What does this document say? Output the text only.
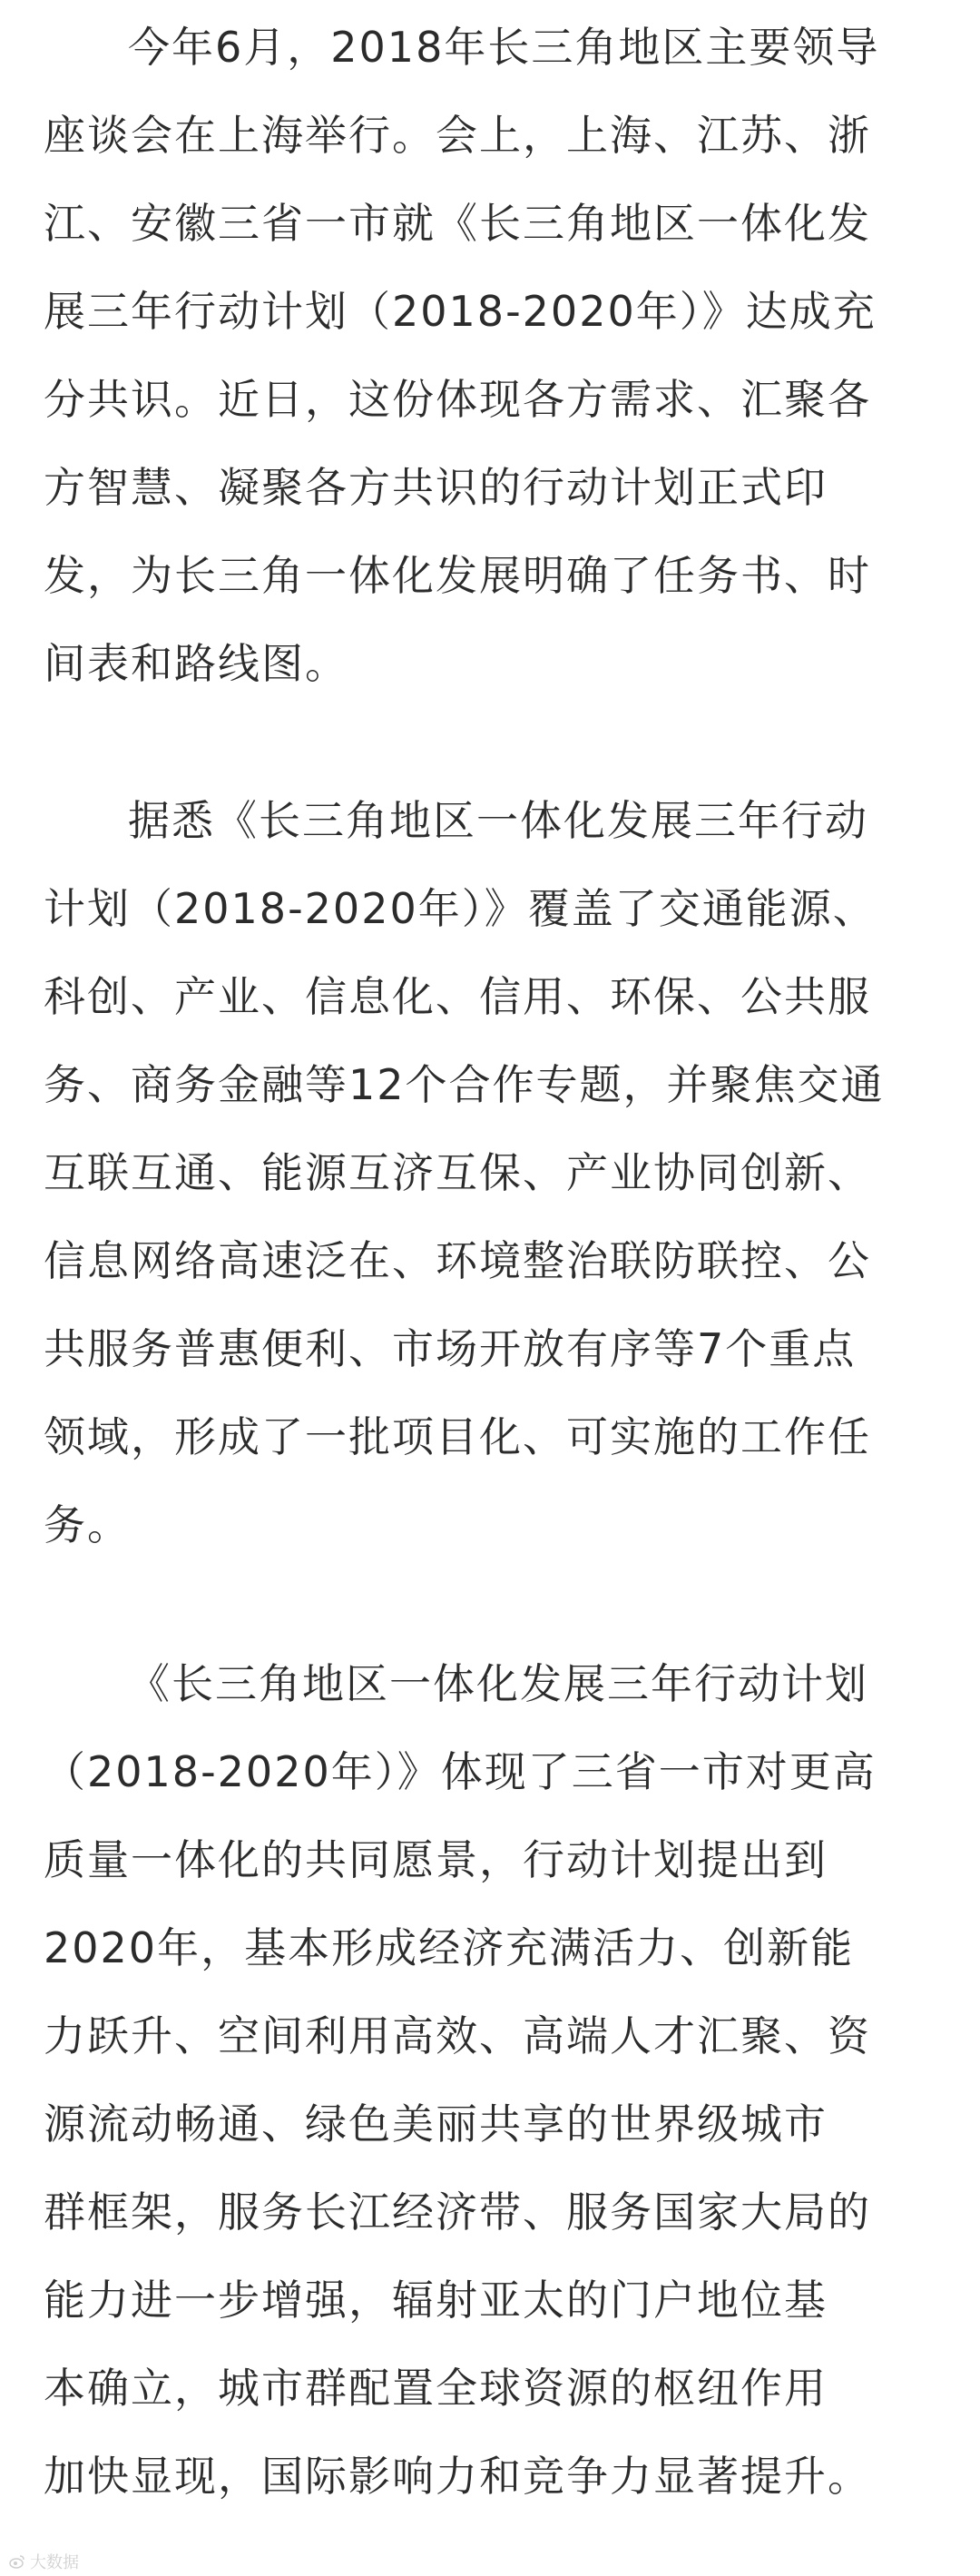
今年6月，2018年长三角地区主要领导
座谈会在上海举行。会上，上海、江苏、浙
江、安徽三省一市就《长三角地区一体化发
展三年行动计划（2018-2020年）》达成充
分共识。近日，这份体现各方需求、汇聚各
方智慧、凝聚各方共识的行动计划正式印
发，为长三角一体化发展明确了任务书、时
间表和路线图。
据悉《长三角地区一体化发展三年行动
计划（2018-2020年）》覆盖了交通能源、
科创、产业、信息化、信用、环保、公共服
务、商务金融等12个合作专题，并聚焦交通
互联互通、能源互济互保、产业协同创新、
信息网络高速泛在、环境整治联防联控、公
共服务普惠便利、市场开放有序等7个重点
领域，形成了一批项目化、可实施的工作任
务。
《长三角地区一体化发展三年行动计划
（2018-2020年）》体现了三省一市对更高
质量一体化的共同愿景，行动计划提出到
2020年，基本形成经济充满活力、创新能
力跃升、空间利用高效、高端人才汇聚、资
源流动畅通、绿色美丽共享的世界级城市
群框架，服务长江经济带、服务国家大局的
能力进一步增强，辐射亚太的门户地位基
本确立，城市群配置全球资源的枢纽作用
加快显现，国际影响力和竞争力显著提升。
大数据
